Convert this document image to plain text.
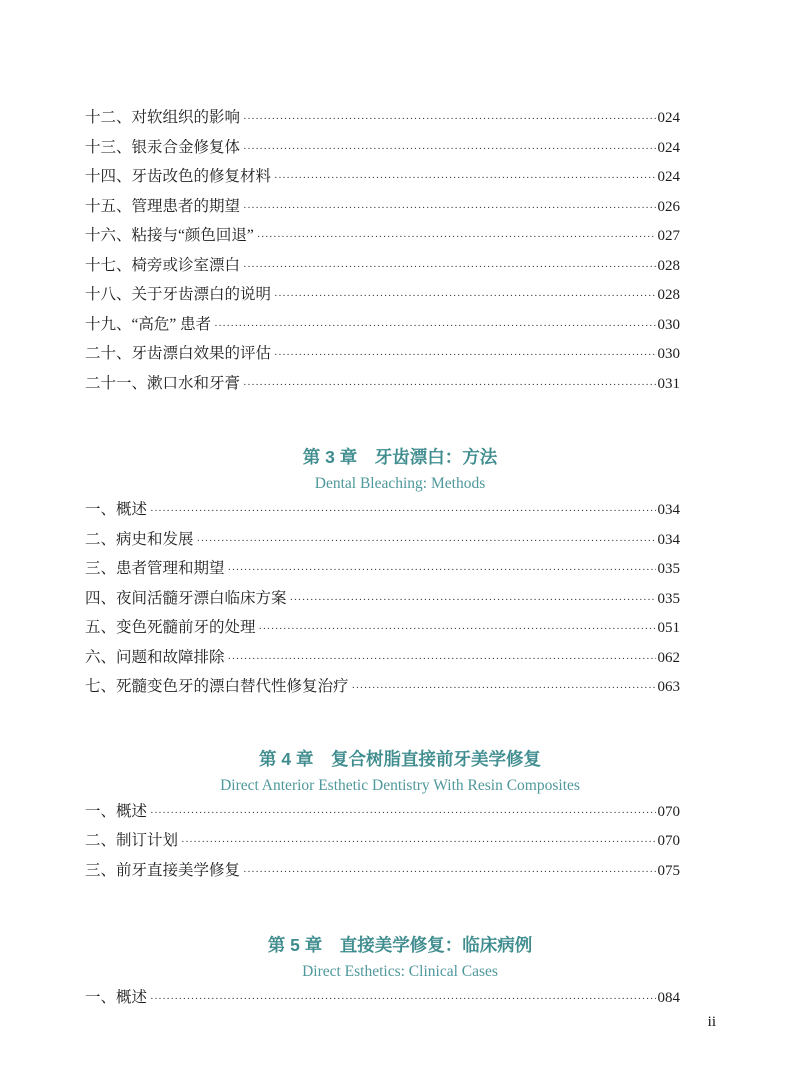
十二、对软组织的影响 ·····	024
十三、银汞合金修复体 ·····	024
十四、牙齿改色的修复材料 ·····	024
十五、管理患者的期望 ·····	026
十六、粘接与“颜色回退” ·····	027
十七、椅旁或诊室漂白 ·····	028
十八、关于牙齿漂白的说明 ·····	028
十九、“高危” 患者 ·····	030
二十、牙齿漂白效果的评估 ·····	030
二十一、漱口水和牙膏 ·····	031
第 3 章　牙齿漂白：方法
Dental Bleaching: Methods
一、概述 ·····	034
二、病史和发展 ·····	034
三、患者管理和期望 ·····	035
四、夜间活髓牙漂白临床方案 ·····	035
五、变色死髓前牙的处理 ·····	051
六、问题和故障排除 ·····	062
七、死髓变色牙的漂白替代性修复治疗 ·····	063
第 4 章　复合树脂直接前牙美学修复
Direct Anterior Esthetic Dentistry With Resin Composites
一、概述 ·····	070
二、制订计划 ·····	070
三、前牙直接美学修复 ·····	075
第 5 章　直接美学修复：临床病例
Direct Esthetics: Clinical Cases
一、概述 ·····	084
ii
